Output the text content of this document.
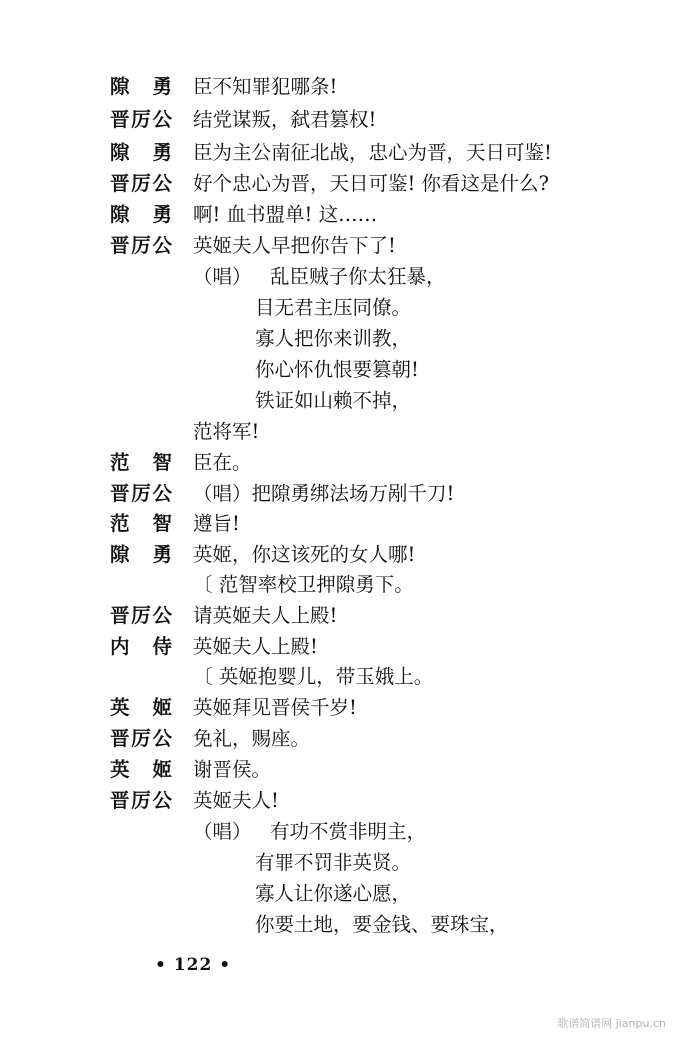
隙 勇 臣不知罪犯哪条!
晋厉公 结党谋叛，弑君篡权!
隙 勇 臣为主公南征北战，忠心为晋，天日可鉴!
晋厉公 好个忠心为晋，天日可鉴! 你看这是什么?
隙 勇 啊! 血书盟单! 这……
晋厉公 英姬夫人早把你告下了!
（唱） 乱臣贼子你太狂暴，
目无君主压同僚。
寡人把你来训教，
你心怀仇恨要篡朝!
铁证如山赖不掉，
范将军!
范 智 臣在。
晋厉公 （唱）把隙勇绑法场万剐千刀!
范 智 遵旨!
隙 勇 英姬，你这该死的女人哪!
〔 范智率校卫押隙勇下。
晋厉公 请英姬夫人上殿!
内 侍 英姬夫人上殿!
〔 英姬抱婴儿，带玉娥上。
英 姬 英姬拜见晋侯千岁!
晋厉公 免礼，赐座。
英 姬 谢晋侯。
晋厉公 英姬夫人!
（唱） 有功不赏非明主，
有罪不罚非英贤。
寡人让你遂心愿，
你要土地，要金钱、要珠宝，
• 122 •
歌谱简谱网 jianpu.cn
